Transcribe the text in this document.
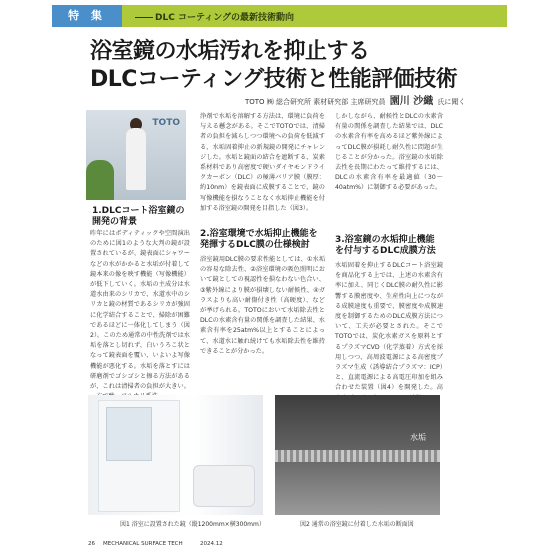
特 集	DLC コーティングの最新技術動向
浴室鏡の水垢汚れを抑止する
DLCコーティング技術と性能評価技術
TOTO ㈱ 総合研究所 素材研究部 主席研究員 園川 沙織 氏に聞く
TOTO
1.DLCコート浴室鏡の開発の背景

昨年にはポディティックや空間演出のために図1のような大判の鏡が設置されているが、鏡表面にシャワーなどの水がかかると水垢が付着して鏡本来の像を映す機能（写像機能）が低下していく。水垢の主成分は水道水由来のシリカで、水道水中のシリカと鏡の材質であるシリカが強固に化学結合することで、掃除が困難であるほどに一体化してしまう（図2）。このため通常の中性洗剤では水垢を落とし切れず、白いうろこ状となって鏡表面を覆い、いよいよ写像機能が悪化する。水垢を落とすには研磨剤でゴシゴシと擦る方法があるが、これは清掃者の負担が大きい。

浄剤で水垢を溶解する方法は、環境に負荷を与える懸念がある。そこでTOTOでは、清掃者の負担を減らしつつ環境への負荷を低減する、水垢固着抑止の新規鏡の開発にチャレンジした。水垢と鏡面の結合を遮断する、炭素系材料であり高密度で硬いダイヤモンドライクカーボン（DLC）の極薄バリア膜（膜厚：約10nm）を鏡表面に成膜することで、鏡の写像機能を損なうことなく水垢抑止機能を付加する浴室鏡の開発を目指した（図3）。

2.浴室環境で水垢抑止機能を発揮するDLC膜の仕様検討

浴室鏡用DLC膜の要求性能としては、①水垢の容易な除去性、②浴室環境の吸色照明において鏡としての視認性を損なわない色合い、③紫外線により膜が損壊しない耐候性、④ガラスよりも高い耐傷付き性（高硬度）、などが挙げられる。TOTOにおいて水垢除去性とDLCの水素含有量の関係を調査した結果、水素含有率を25atm%以上とすることによって、水道水に触れ続けても水垢除去性を維持できることが分かった。

しかしながら、耐候性とDLCの水素含有量の関係を調査した結果では、DLCの水素含有率を高めるほど紫外線によってDLC膜が損耗し耐久性に問題が生じることが分かった。浴室鏡の水垢除去性を長期にわたって維持するには、DLCの水素含有率を最適値（30〜40atm%）に制御する必要があった。

3.浴室鏡の水垢抑止機能を付与するDLC成膜方法

水垢固着を抑止するDLCコート浴室鏡を商品化する上では、上述の水素含有率に加え、同じくDLC膜の耐久性に影響する膜密度や、生産性向上につながる成膜速度も重要で、膜密度や成膜速度を制御するためのDLC成膜方法について、工夫が必要とされた。そこでTOTOでは、炭化水素ガスを原料とするプラズマCVD（化学蒸着）方式を採用しつつ、高周波電源による高密度プラズマ生成（誘導結合プラズマ：ICP）と、直流電源による高電圧印加を組み合わせた装置（図4）を開発した。高

水垢
図1 浴室に設置された鏡（縦1200mm×横300mm）	図2 通常の浴室鏡に付着した水垢の断面図
26 MECHANICAL SURFACE TECH	2024.12
